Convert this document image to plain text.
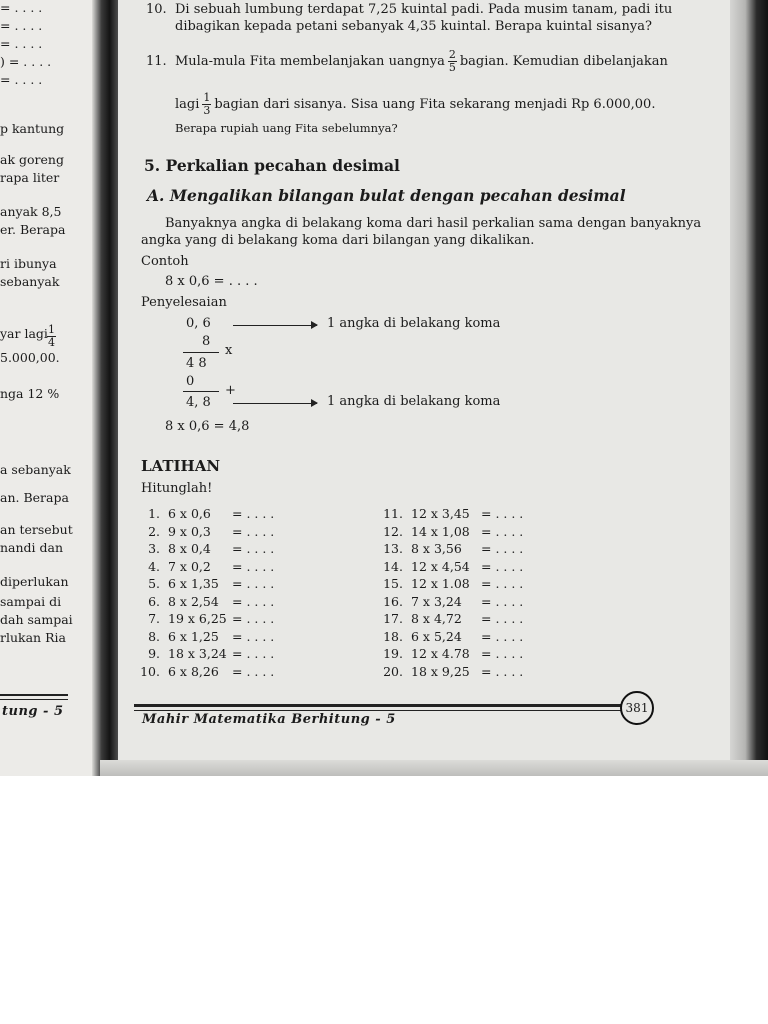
= . . . .
= . . . .
= . . . .
) = . . . .
= . . . .
p kantung
ak goreng
rapa liter
anyak 8,5
er. Berapa
ri ibunya
sebanyak
yar lagi
5.000,00.
nga 12 %
a sebanyak
an. Berapa
an tersebut
nandi dan
diperlukan
sampai di
dah sampai
rlukan Ria
$\frac{1}{4}$
tung - 5
10. Di sebuah lumbung terdapat 7,25 kuintal padi. Pada musim tanam, padi itu
dibagikan kepada petani sebanyak 4,35 kuintal. Berapa kuintal sisanya?
11. Mula-mula Fita membelanjakan uangnya $\frac{2}{5}$ bagian. Kemudian dibelanjakan
lagi $\frac{1}{3}$ bagian dari sisanya. Sisa uang Fita sekarang menjadi Rp 6.000,00.
Berapa rupiah uang Fita sebelumnya?
5. Perkalian pecahan desimal
A. Mengalikan bilangan bulat dengan pecahan desimal
Banyaknya angka di belakang koma dari hasil perkalian sama dengan banyaknya
angka yang di belakang koma dari bilangan yang dikalikan.
Contoh
8 x 0,6 = . . . .
Penyelesaian
0, 6	1 angka di belakang koma
8
x
4 8
0
+
4, 8	1 angka di belakang koma
8 x 0,6 = 4,8
LATIHAN
Hitunglah!
1. 6 x 0,6 = . . . .
2. 9 x 0,3 = . . . .
3. 8 x 0,4 = . . . .
4. 7 x 0,2 = . . . .
5. 6 x 1,35 = . . . .
6. 8 x 2,54 = . . . .
7. 19 x 6,25 = . . . .
8. 6 x 1,25 = . . . .
9. 18 x 3,24 = . . . .
10. 6 x 8,26 = . . . .
11. 12 x 3,45 = . . . .
12. 14 x 1,08 = . . . .
13. 8 x 3,56 = . . . .
14. 12 x 4,54 = . . . .
15. 12 x 1.08 = . . . .
16. 7 x 3,24 = . . . .
17. 8 x 4,72 = . . . .
18. 6 x 5,24 = . . . .
19. 12 x 4.78 = . . . .
20. 18 x 9,25 = . . . .
381
Mahir Matematika Berhitung - 5
